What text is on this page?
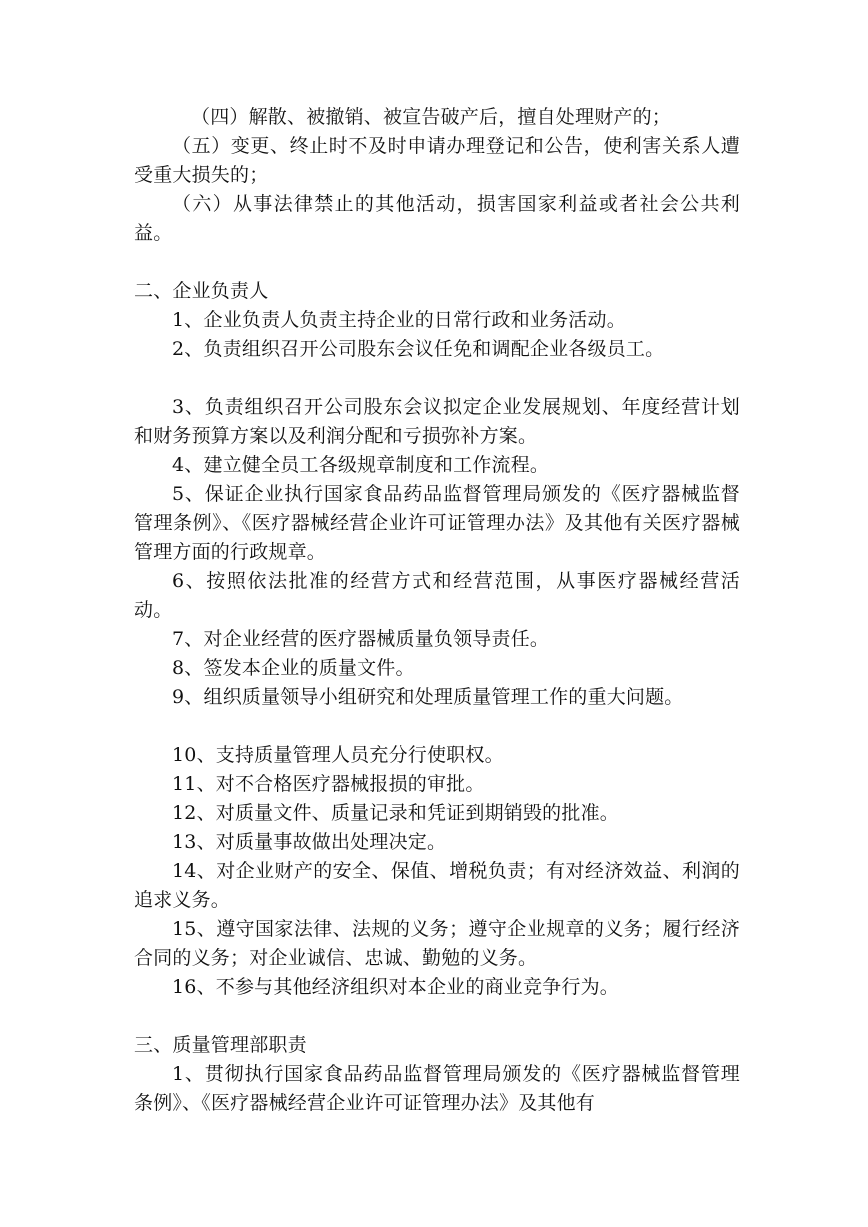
（四）解散、被撤销、被宣告破产后，擅自处理财产的；

（五）变更、终止时不及时申请办理登记和公告，使利害关系人遭受重大损失的；

（六）从事法律禁止的其他活动，损害国家利益或者社会公共利益。

二、企业负责人

1、企业负责人负责主持企业的日常行政和业务活动。

2、负责组织召开公司股东会议任免和调配企业各级员工。

3、负责组织召开公司股东会议拟定企业发展规划、年度经营计划和财务预算方案以及利润分配和亏损弥补方案。

4、建立健全员工各级规章制度和工作流程。

5、保证企业执行国家食品药品监督管理局颁发的《医疗器械监督管理条例》、《医疗器械经营企业许可证管理办法》及其他有关医疗器械管理方面的行政规章。

6、按照依法批准的经营方式和经营范围，从事医疗器械经营活动。

7、对企业经营的医疗器械质量负领导责任。

8、签发本企业的质量文件。

9、组织质量领导小组研究和处理质量管理工作的重大问题。

10、支持质量管理人员充分行使职权。

11、对不合格医疗器械报损的审批。

12、对质量文件、质量记录和凭证到期销毁的批准。

13、对质量事故做出处理决定。

14、对企业财产的安全、保值、增税负责；有对经济效益、利润的追求义务。

15、遵守国家法律、法规的义务；遵守企业规章的义务；履行经济合同的义务；对企业诚信、忠诚、勤勉的义务。

16、不参与其他经济组织对本企业的商业竞争行为。

三、质量管理部职责

1、贯彻执行国家食品药品监督管理局颁发的《医疗器械监督管理条例》、《医疗器械经营企业许可证管理办法》及其他有
